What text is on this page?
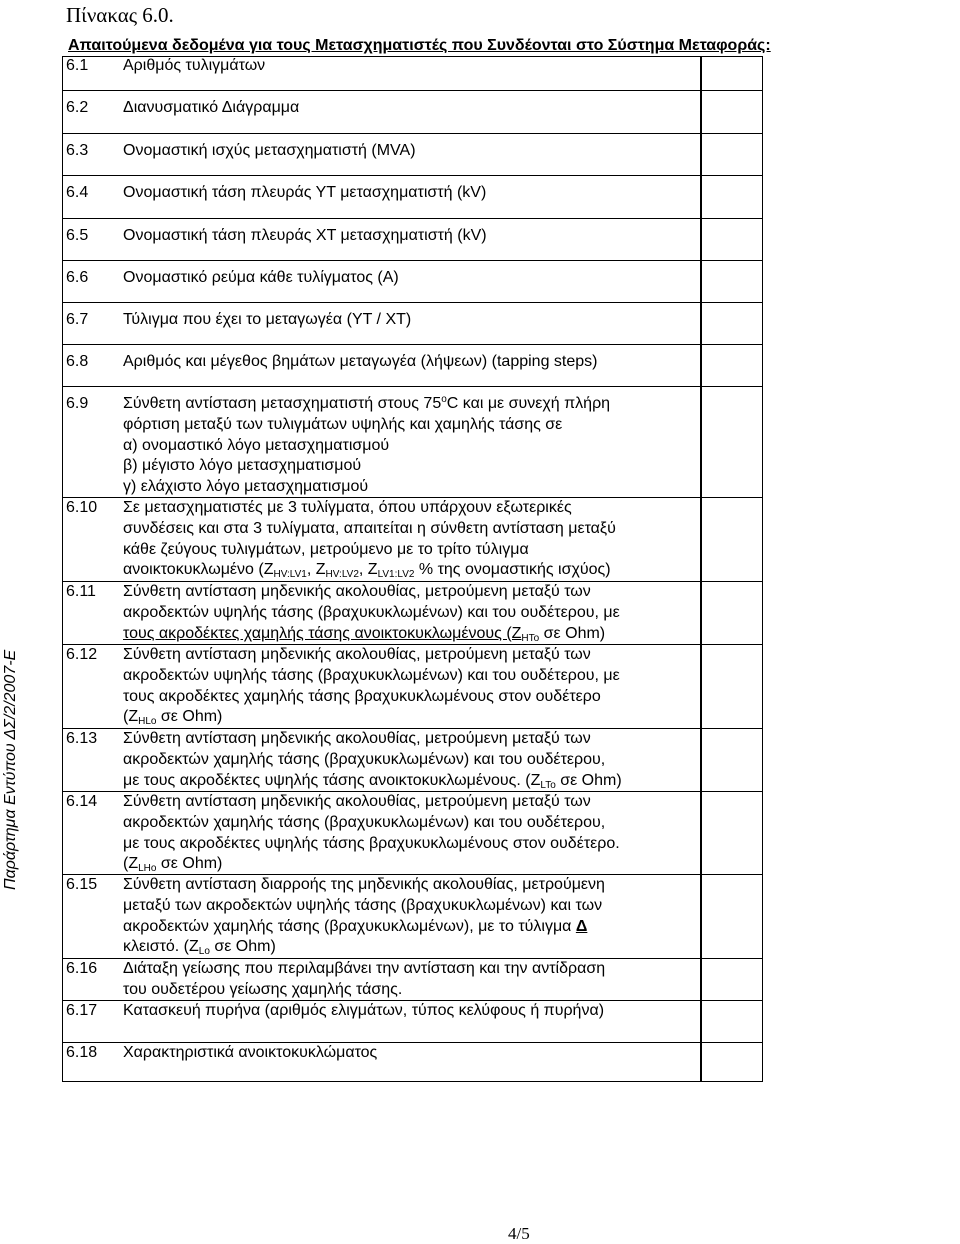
Πίνακας 6.0.
Απαιτούμενα δεδομένα για τους Μετασχηματιστές που Συνδέονται στο Σύστημα Μεταφοράς:
Παράρτημα Εντύπου ΔΣ/2/2007-Ε
6.1 Αριθμός τυλιγμάτων
6.2 Διανυσματικό Διάγραμμα
6.3 Ονομαστική ισχύς μετασχηματιστή (MVA)
6.4 Ονομαστική τάση πλευράς ΥΤ μετασχηματιστή (kV)
6.5 Ονομαστική τάση πλευράς ΧΤ μετασχηματιστή (kV)
6.6 Ονομαστικό ρεύμα κάθε τυλίγματος (A)
6.7 Τύλιγμα που έχει το μεταγωγέα (ΥΤ / ΧΤ)
6.8 Αριθμός και μέγεθος βημάτων μεταγωγέα (λήψεων) (tapping steps)
6.9 Σύνθετη αντίσταση μετασχηματιστή στους 75$^o$C και με συνεχή πλήρη
φόρτιση μεταξύ των τυλιγμάτων υψηλής και χαμηλής τάσης σε
α) ονομαστικό λόγο μετασχηματισμού
β) μέγιστο λόγο μετασχηματισμού
γ) ελάχιστο λόγο μετασχηματισμού
6.10 Σε μετασχηματιστές με 3 τυλίγματα, όπου υπάρχουν εξωτερικές
συνδέσεις και στα 3 τυλίγματα, απαιτείται η σύνθετη αντίσταση μεταξύ
κάθε ζεύγους τυλιγμάτων, μετρούμενο με το τρίτο τύλιγμα
ανοικτοκυκλωμένο ($Z_{HV:LV1}$, $Z_{HV:LV2}$, $Z_{LV1:LV2}$ % της ονομαστικής ισχύος)
6.11 Σύνθετη αντίσταση μηδενικής ακολουθίας, μετρούμενη μεταξύ των
ακροδεκτών υψηλής τάσης (βραχυκυκλωμένων) και του ουδέτερου, με
τους ακροδέκτες χαμηλής τάσης ανοικτοκυκλωμένους ($Z_{HTo}$ σε Ohm)
6.12 Σύνθετη αντίσταση μηδενικής ακολουθίας, μετρούμενη μεταξύ των
ακροδεκτών υψηλής τάσης (βραχυκυκλωμένων) και του ουδέτερου, με
τους ακροδέκτες χαμηλής τάσης βραχυκυκλωμένους στον ουδέτερο
($Z_{HLo}$ σε Ohm)
6.13 Σύνθετη αντίσταση μηδενικής ακολουθίας, μετρούμενη μεταξύ των
ακροδεκτών χαμηλής τάσης (βραχυκυκλωμένων) και του ουδέτερου,
με τους ακροδέκτες υψηλής τάσης ανοικτοκυκλωμένους. ($Z_{LTo}$ σε Ohm)
6.14 Σύνθετη αντίσταση μηδενικής ακολουθίας, μετρούμενη μεταξύ των
ακροδεκτών χαμηλής τάσης (βραχυκυκλωμένων) και του ουδέτερου,
με τους ακροδέκτες υψηλής τάσης βραχυκυκλωμένους στον ουδέτερο.
($Z_{LHo}$ σε Ohm)
6.15 Σύνθετη αντίσταση διαρροής της μηδενικής ακολουθίας, μετρούμενη
μεταξύ των ακροδεκτών υψηλής τάσης (βραχυκυκλωμένων) και των
ακροδεκτών χαμηλής τάσης (βραχυκυκλωμένων), με το τύλιγμα Δ
κλειστό. ($Z_{Lo}$ σε Ohm)
6.16 Διάταξη γείωσης που περιλαμβάνει την αντίσταση και την αντίδραση
του ουδετέρου γείωσης χαμηλής τάσης.
6.17 Κατασκευή πυρήνα (αριθμός ελιγμάτων, τύπος κελύφους ή πυρήνα)
6.18 Χαρακτηριστικά ανοικτοκυκλώματος
4/5
